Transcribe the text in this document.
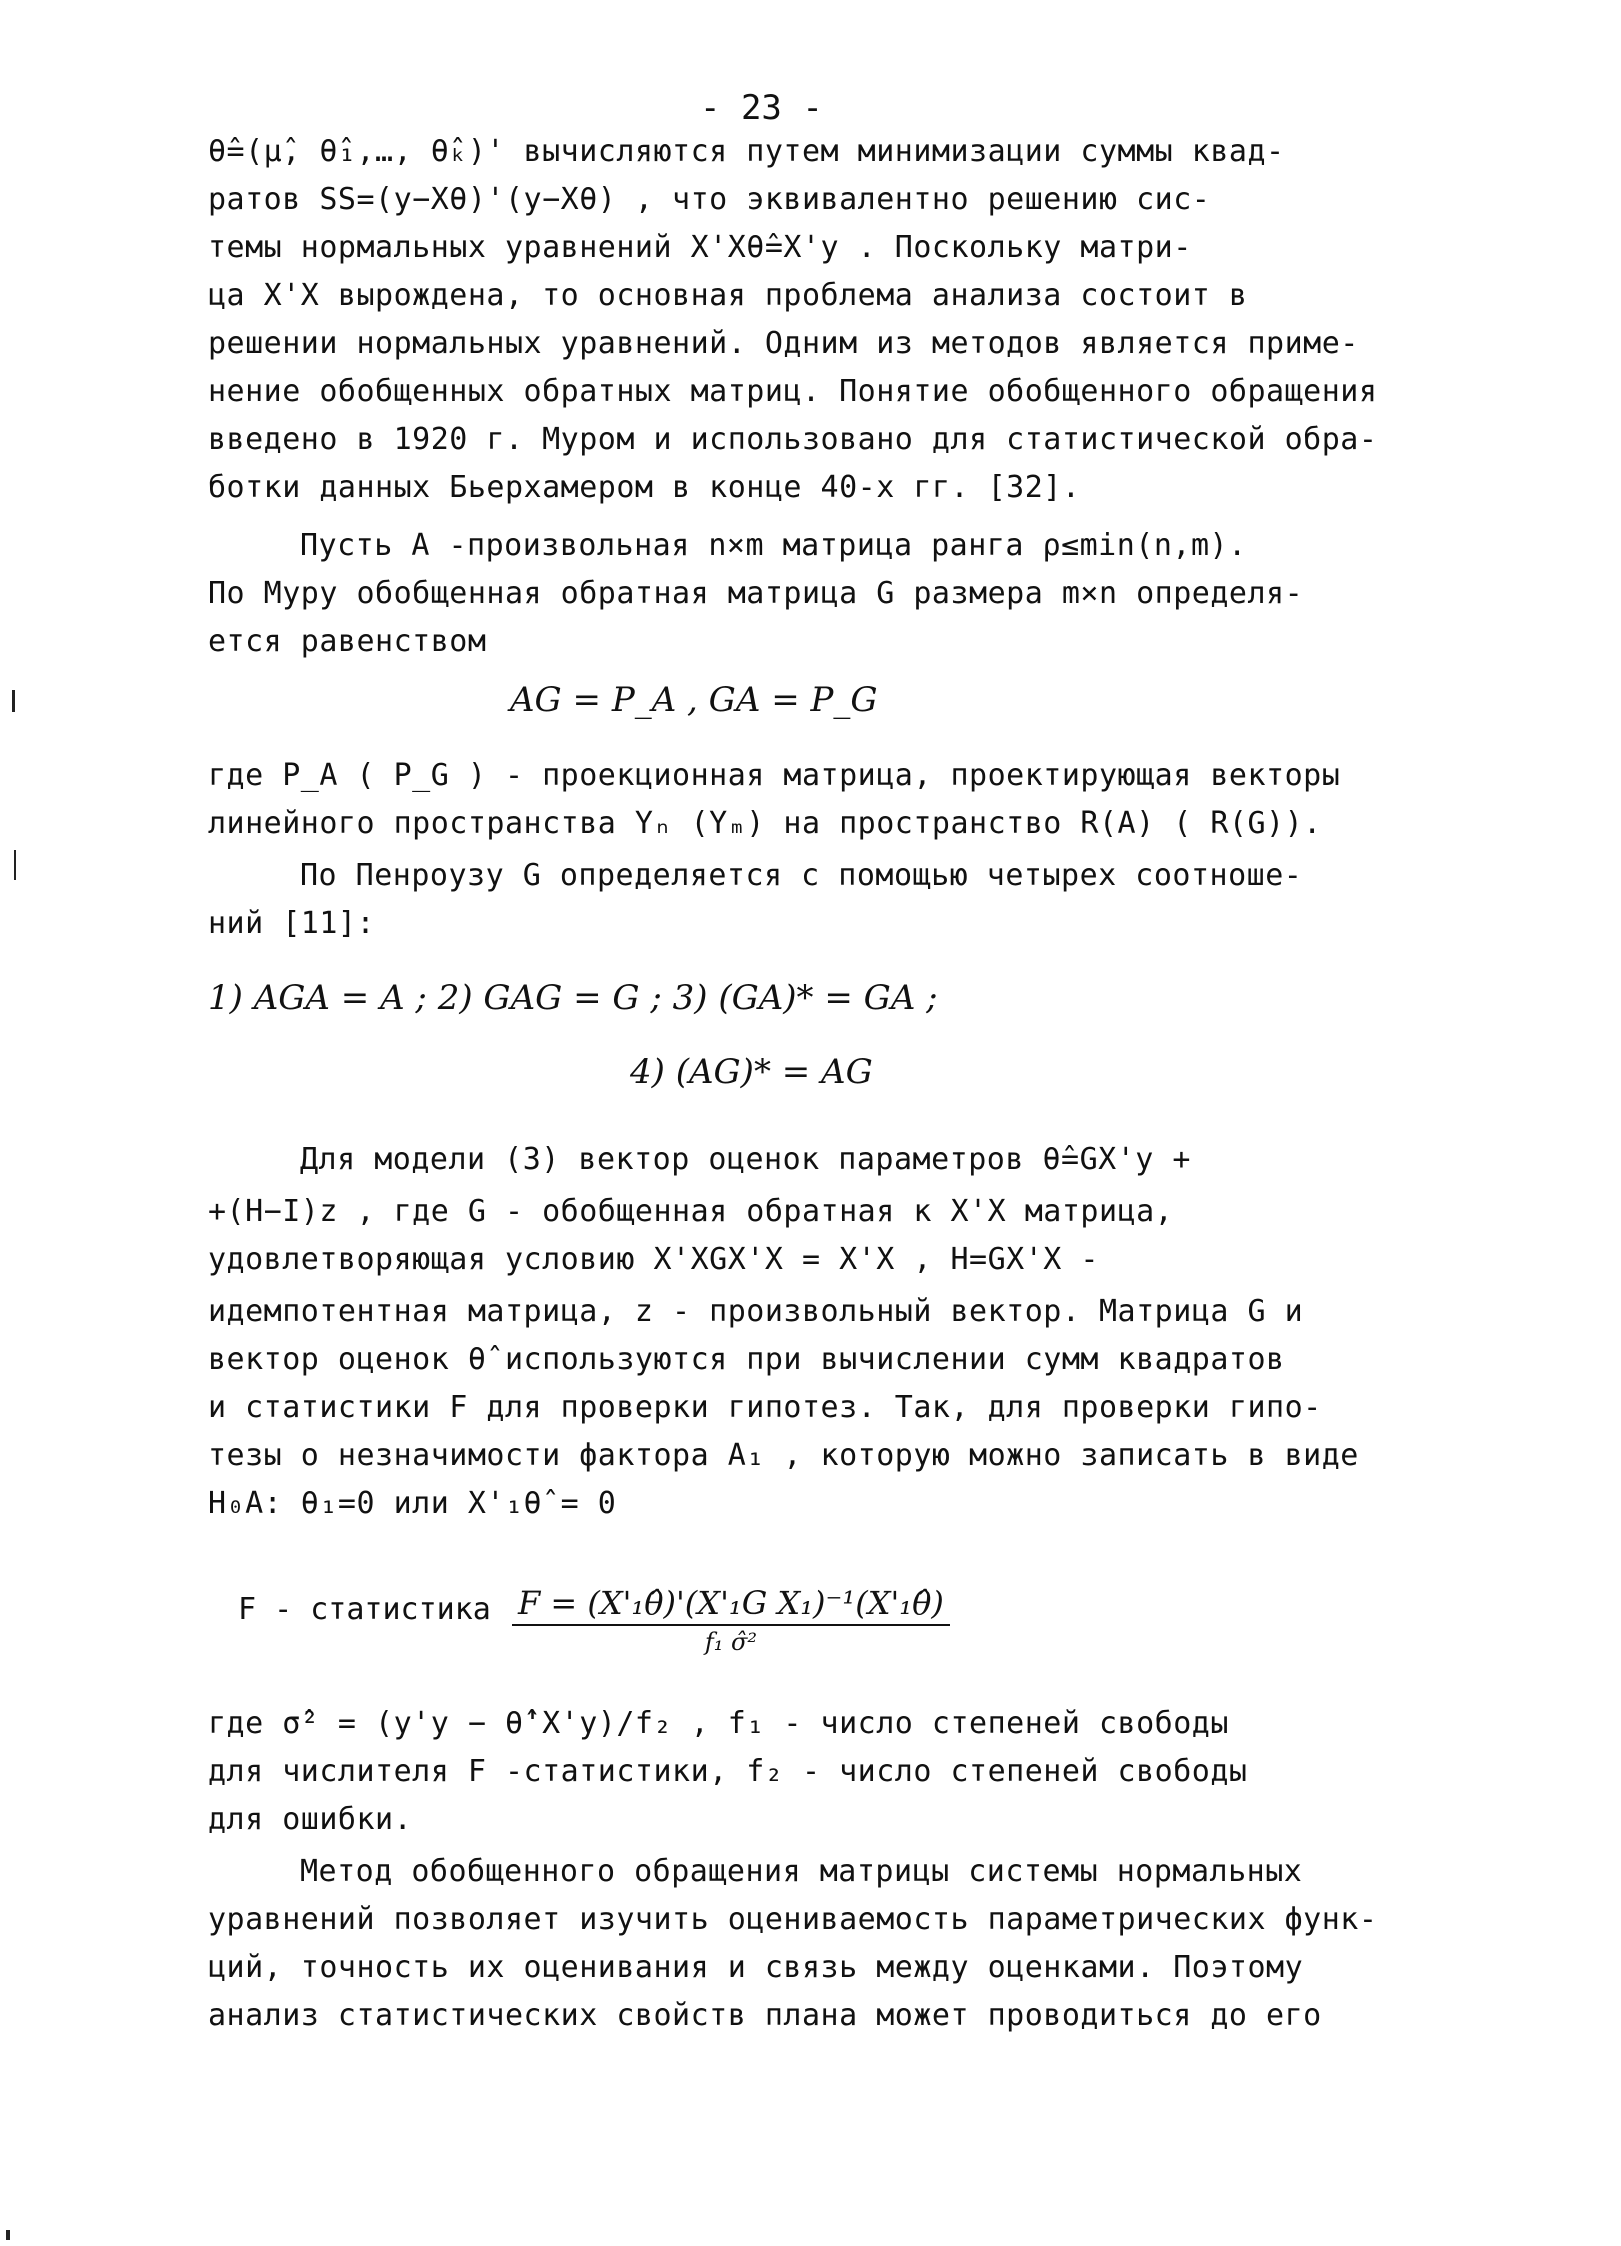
- 23 -
θ̂=(μ̂, θ̂₁,…, θ̂ₖ)' вычисляются путем минимизации суммы квад-
ратов SS=(y−Xθ)'(y−Xθ) , что эквивалентно решению сис-
темы нормальных уравнений X'Xθ̂=X'y . Поскольку матри-
ца X'X вырождена, то основная проблема анализа состоит в
решении нормальных уравнений. Одним из методов является приме-
нение обобщенных обратных матриц. Понятие обобщенного обращения
введено в 1920 г. Муром и использовано для статистической обра-
ботки данных Бьерхамером в конце 40-х гг. [32].
Пусть A -произвольная n×m матрица ранга ρ≤min(n,m).
По Муру обобщенная обратная матрица G размера m×n определя-
ется равенством
AG = P_A , GA = P_G
где P_A ( P_G ) - проекционная матрица, проектирующая векторы
линейного пространства Yₙ (Yₘ) на пространство R(A) ( R(G)).
По Пенроузу G определяется с помощью четырех соотноше-
ний [11]:
1) AGA = A ; 2) GAG = G ; 3) (GA)* = GA ;
4) (AG)* = AG
Для модели (3) вектор оценок параметров θ̂=GX'y +
+(H−I)z , где G - обобщенная обратная к X'X матрица,
удовлетворяющая условию X'XGX'X = X'X , H=GX'X -
идемпотентная матрица, z - произвольный вектор. Матрица G и
вектор оценок θ̂ используются при вычислении сумм квадратов
и статистики F для проверки гипотез. Так, для проверки гипо-
тезы о незначимости фактора A₁ , которую можно записать в виде
H₀A: θ₁=0 или X'₁θ̂ = 0
F - статистика F = (X'₁θ̂)'(X'₁G X₁)⁻¹(X'₁θ̂)
f₁ σ̂²
где σ̂² = (y'y − θ̂'X'y)/f₂ , f₁ - число степеней свободы
для числителя F -статистики, f₂ - число степеней свободы
для ошибки.
Метод обобщенного обращения матрицы системы нормальных
уравнений позволяет изучить оцениваемость параметрических функ-
ций, точность их оценивания и связь между оценками. Поэтому
анализ статистических свойств плана может проводиться до его
